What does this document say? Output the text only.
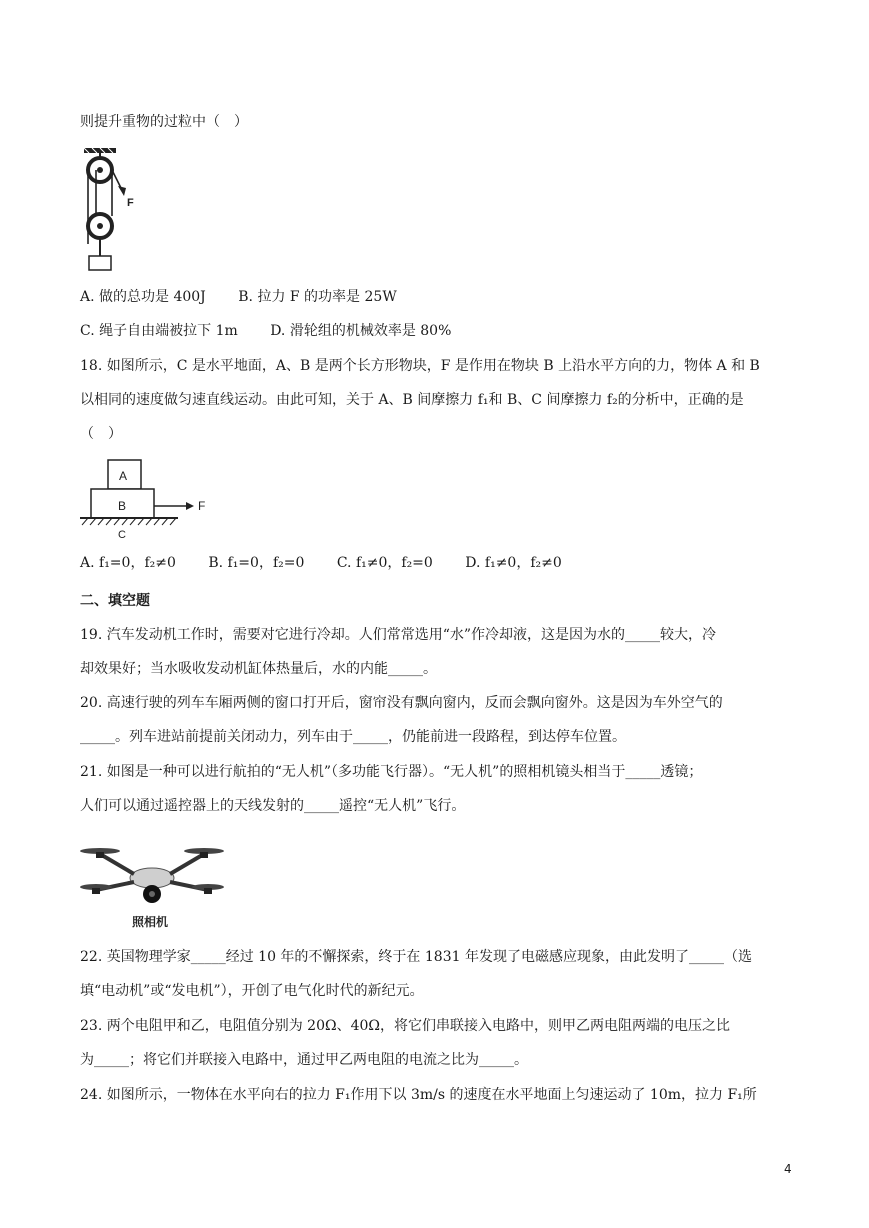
则提升重物的过粒中（　）
F
A. 做的总功是 400J B. 拉力 F 的功率是 25W
C. 绳子自由端被拉下 1m D. 滑轮组的机械效率是 80%
18. 如图所示，C 是水平地面，A、B 是两个长方形物块，F 是作用在物块 B 上沿水平方向的力，物体 A 和 B
以相同的速度做匀速直线运动。由此可知，关于 A、B 间摩擦力 f₁和 B、C 间摩擦力 f₂的分析中，正确的是
（　）
A
B	F
C
A. f₁=0，f₂≠0 B. f₁=0，f₂=0 C. f₁≠0，f₂=0 D. f₁≠0，f₂≠0
二、填空题
19. 汽车发动机工作时，需要对它进行冷却。人们常常选用“水”作冷却液，这是因为水的_____较大，冷
却效果好；当水吸收发动机缸体热量后，水的内能_____。
20. 高速行驶的列车车厢两侧的窗口打开后，窗帘没有飘向窗内，反而会飘向窗外。这是因为车外空气的
_____。列车进站前提前关闭动力，列车由于_____，仍能前进一段路程，到达停车位置。
21. 如图是一种可以进行航拍的“无人机”（多功能飞行器）。“无人机”的照相机镜头相当于_____透镜；
人们可以通过遥控器上的天线发射的_____遥控“无人机”飞行。
照相机
22. 英国物理学家_____经过 10 年的不懈探索，终于在 1831 年发现了电磁感应现象，由此发明了_____（选
填“电动机”或“发电机”），开创了电气化时代的新纪元。
23. 两个电阻甲和乙，电阻值分别为 20Ω、40Ω，将它们串联接入电路中，则甲乙两电阻两端的电压之比
为_____；将它们并联接入电路中，通过甲乙两电阻的电流之比为_____。
24. 如图所示，一物体在水平向右的拉力 F₁作用下以 3m/s 的速度在水平地面上匀速运动了 10m，拉力 F₁所
4
